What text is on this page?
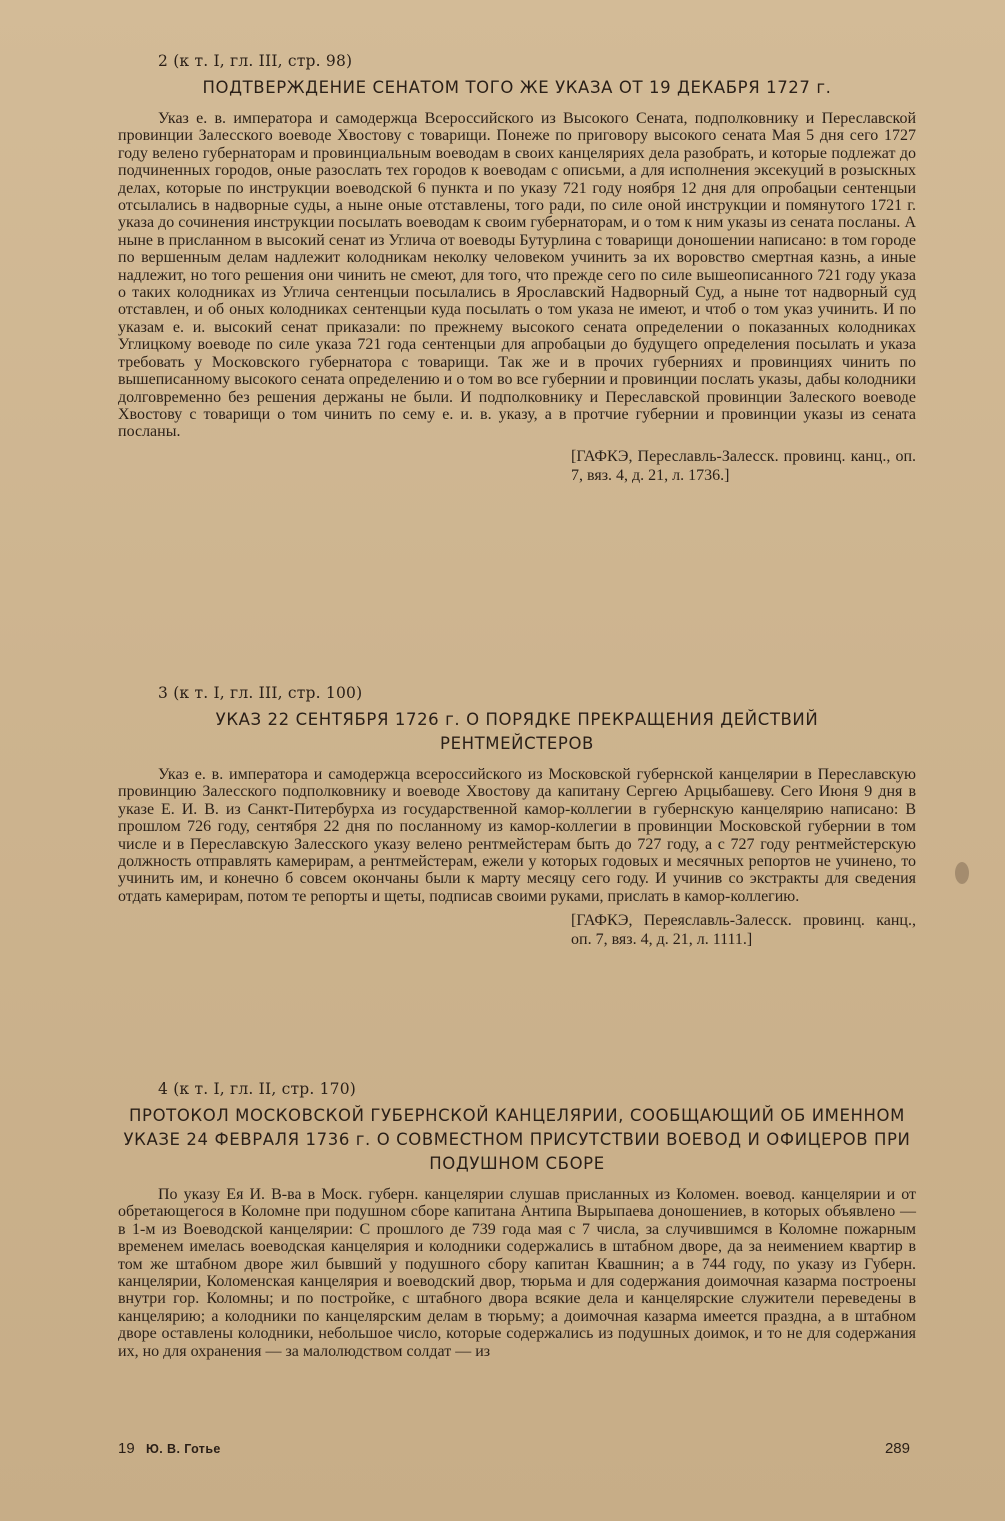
2 (к т. I, гл. III, стр. 98)

ПОДТВЕРЖДЕНИЕ СЕНАТОМ ТОГО ЖЕ УКАЗА ОТ 19 ДЕКАБРЯ 1727 г.

Указ е. в. императора и самодержца Всероссийского из Высокого Сената, подполковнику и Переславской провинции Залесского воеводе Хвостову с товарищи. Понеже по приговору высокого сената Мая 5 дня сего 1727 году велено губернаторам и провинциальным воеводам в своих канцеляриях дела разобрать, и которые подлежат до подчиненных городов, оные разослать тех городов к воеводам с описьми, а для исполнения эксекуций в розыскных делах, которые по инструкции воеводской 6 пункта и по указу 721 году ноября 12 дня для опробацыи сентенцыи отсылались в надворные суды, а ныне оные отставлены, того ради, по силе оной инструкции и помянутого 1721 г. указа до сочинения инструкции посылать воеводам к своим губернаторам, и о том к ним указы из сената посланы. А ныне в присланном в высокий сенат из Углича от воеводы Бутурлина с товарищи доношении написано: в том городе по вершенным делам надлежит колодникам неколку человеком учинить за их воровство смертная казнь, а иные надлежит, но того решения они чинить не смеют, для того, что прежде сего по силе вышеописанного 721 году указа о таких колодниках из Углича сентенцыи посылались в Ярославский Надворный Суд, а ныне тот надворный суд отставлен, и об оных колодниках сентенцыи куда посылать о том указа не имеют, и чтоб о том указ учинить. И по указам е. и. высокий сенат приказали: по прежнему высокого сената определении о показанных колодниках Углицкому воеводе по силе указа 721 года сентенцыи для апробацыи до будущего определения посылать и указа требовать у Московского губернатора с товарищи. Так же и в прочих губерниях и провинциях чинить по вышеписанному высокого сената определению и о том во все губернии и провинции послать указы, дабы колодники долговременно без решения держаны не были. И подполковнику и Переславской провинции Залеского воеводе Хвостову с товарищи о том чинить по сему е. и. в. указу, а в протчие губернии и провинции указы из сената посланы.

[ГАФКЭ, Переславль-Залесск. провинц. канц., оп. 7, вяз. 4, д. 21, л. 1736.]

3 (к т. I, гл. III, стр. 100)

УКАЗ 22 СЕНТЯБРЯ 1726 г. О ПОРЯДКЕ ПРЕКРАЩЕНИЯ ДЕЙСТВИЙ РЕНТМЕЙСТЕРОВ

Указ е. в. императора и самодержца всероссийского из Московской губернской канцелярии в Переславскую провинцию Залесского подполковнику и воеводе Хвостову да капитану Сергею Арцыбашеву. Сего Июня 9 дня в указе Е. И. В. из Санкт-Питербурха из государственной камор-коллегии в губернскую канцелярию написано: В прошлом 726 году, сентября 22 дня по посланному из камор-коллегии в провинции Московской губернии в том числе и в Переславскую Залесского указу велено рентмейстерам быть до 727 году, а с 727 году рентмейстерскую должность отправлять камерирам, а рентмейстерам, ежели у которых годовых и месячных репортов не учинено, то учинить им, и конечно б совсем окончаны были к марту месяцу сего году. И учинив со экстракты для сведения отдать камерирам, потом те репорты и щеты, подписав своими руками, прислать в камор-коллегию.

[ГАФКЭ, Переяславль-Залесск. провинц. канц., оп. 7, вяз. 4, д. 21, л. 1111.]

4 (к т. I, гл. II, стр. 170)

ПРОТОКОЛ МОСКОВСКОЙ ГУБЕРНСКОЙ КАНЦЕЛЯРИИ, СООБЩАЮЩИЙ ОБ ИМЕННОМ УКАЗЕ 24 ФЕВРАЛЯ 1736 г. О СОВМЕСТНОМ ПРИСУТСТВИИ ВОЕВОД И ОФИЦЕРОВ ПРИ ПОДУШНОМ СБОРЕ

По указу Ея И. В-ва в Моск. губерн. канцелярии слушав присланных из Коломен. воевод. канцелярии и от обретающегося в Коломне при подушном сборе капитана Антипа Вырыпаева доношениев, в которых объявлено — в 1-м из Воеводской канцелярии: С прошлого де 739 года мая с 7 числа, за случившимся в Коломне пожарным временем имелась воеводская канцелярия и колодники содержались в штабном дворе, да за неимением квартир в том же штабном дворе жил бывший у подушного сбору капитан Квашнин; а в 744 году, по указу из Губерн. канцелярии, Коломенская канцелярия и воеводский двор, тюрьма и для содержания доимочная казарма построены внутри гор. Коломны; и по постройке, с штабного двора всякие дела и канцелярские служители переведены в канцелярию; а колодники по канцелярским делам в тюрьму; а доимочная казарма имеется праздна, а в штабном дворе оставлены колодники, небольшое число, которые содержались из подушных доимок, и то не для содержания их, но для охранения — за малолюдством солдат — из

19 Ю. В. Готье	289
